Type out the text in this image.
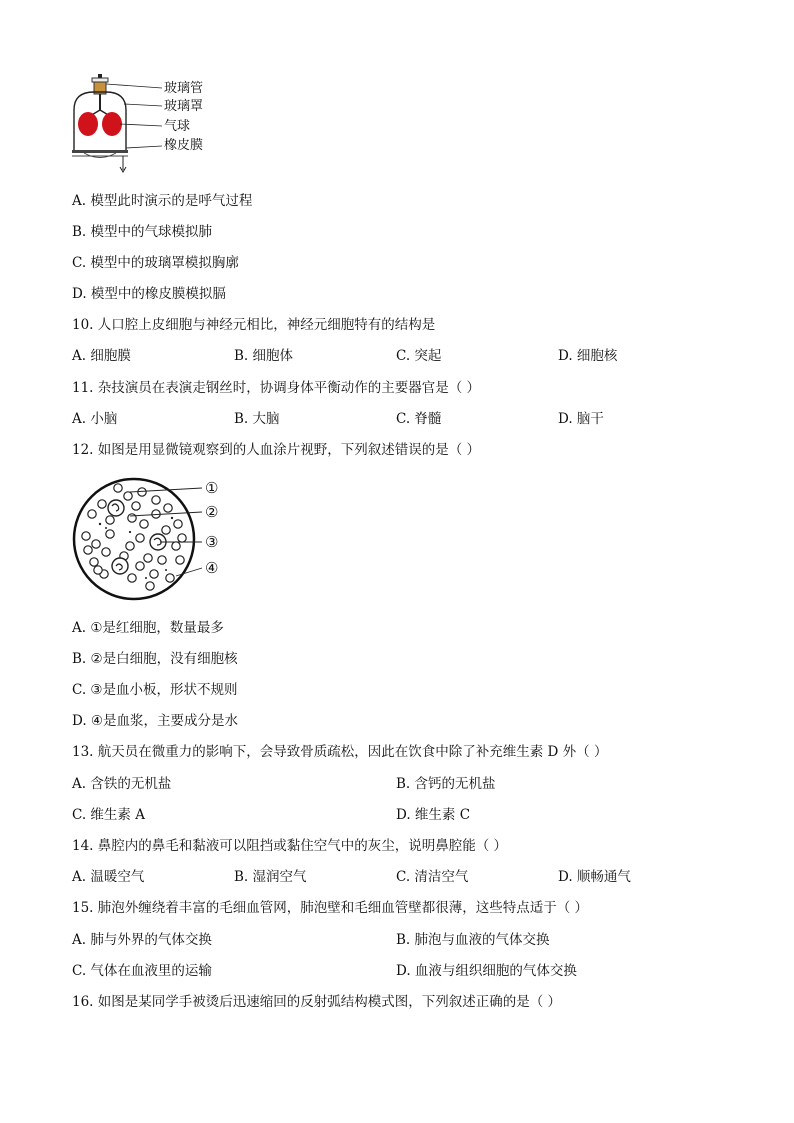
玻璃管
玻璃罩
气球
橡皮膜
A. 模型此时演示的是呼气过程
B. 模型中的气球模拟肺
C. 模型中的玻璃罩模拟胸廓
D. 模型中的橡皮膜模拟膈
10. 人口腔上皮细胞与神经元相比，神经元细胞特有的结构是
A. 细胞膜	B. 细胞体	C. 突起	D. 细胞核
11. 杂技演员在表演走钢丝时，协调身体平衡动作的主要器官是（ ）
A. 小脑	B. 大脑	C. 脊髓	D. 脑干
12. 如图是用显微镜观察到的人血涂片视野，下列叙述错误的是（ ）
①
②
③
④
A. ①是红细胞，数量最多
B. ②是白细胞，没有细胞核
C. ③是血小板，形状不规则
D. ④是血浆，主要成分是水
13. 航天员在微重力的影响下，会导致骨质疏松，因此在饮食中除了补充维生素 D 外（ ）
A. 含铁的无机盐	B. 含钙的无机盐
C. 维生素 A	D. 维生素 C
14. 鼻腔内的鼻毛和黏液可以阻挡或黏住空气中的灰尘，说明鼻腔能（ ）
A. 温暖空气	B. 湿润空气	C. 清洁空气	D. 顺畅通气
15. 肺泡外缠绕着丰富的毛细血管网，肺泡壁和毛细血管壁都很薄，这些特点适于（ ）
A. 肺与外界的气体交换	B. 肺泡与血液的气体交换
C. 气体在血液里的运输	D. 血液与组织细胞的气体交换
16. 如图是某同学手被烫后迅速缩回的反射弧结构模式图，下列叙述正确的是（ ）
